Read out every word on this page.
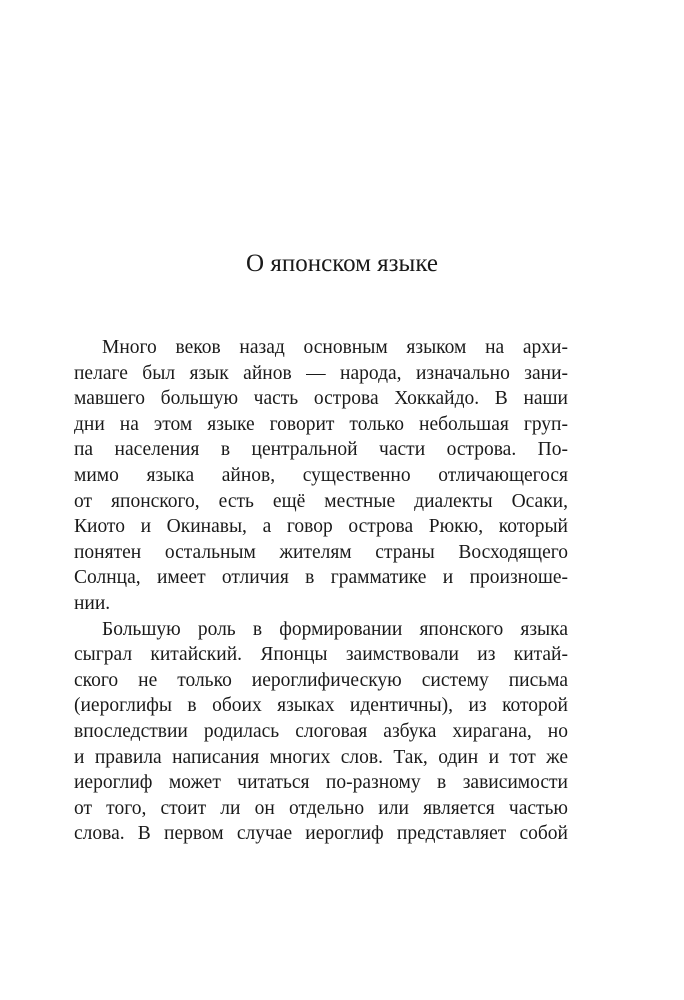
О японском языке
Много веков назад основным языком на архи-
пелаге был язык айнов — народа, изначально зани-
мавшего большую часть острова Хоккайдо. В наши
дни на этом языке говорит только небольшая груп-
па населения в центральной части острова. По-
мимо языка айнов, существенно отличающегося
от японского, есть ещё местные диалекты Осаки,
Киото и Окинавы, а говор острова Рюкю, который
понятен остальным жителям страны Восходящего
Солнца, имеет отличия в грамматике и произноше-
нии.
Большую роль в формировании японского языка
сыграл китайский. Японцы заимствовали из китай-
ского не только иероглифическую систему письма
(иероглифы в обоих языках идентичны), из которой
впоследствии родилась слоговая азбука хирагана, но
и правила написания многих слов. Так, один и тот же
иероглиф может читаться по-разному в зависимости
от того, стоит ли он отдельно или является частью
слова. В первом случае иероглиф представляет собой
